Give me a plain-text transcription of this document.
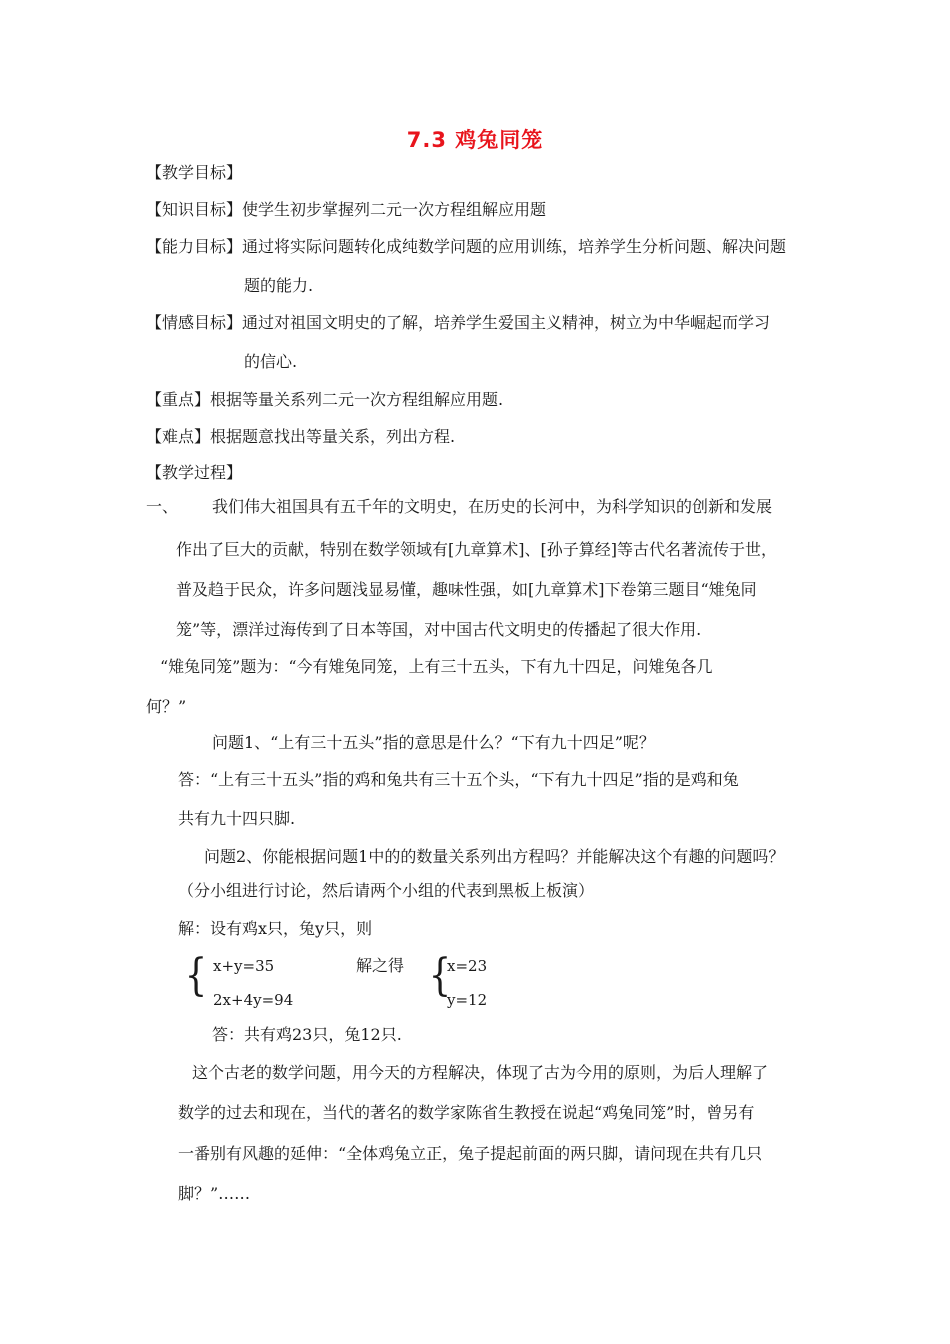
7.3 鸡兔同笼
【教学目标】
【知识目标】使学生初步掌握列二元一次方程组解应用题
【能力目标】通过将实际问题转化成纯数学问题的应用训练，培养学生分析问题、解决问题
题的能力.
【情感目标】通过对祖国文明史的了解，培养学生爱国主义精神，树立为中华崛起而学习
的信心.
【重点】根据等量关系列二元一次方程组解应用题.
【难点】根据题意找出等量关系，列出方程.
【教学过程】
一、 我们伟大祖国具有五千年的文明史，在历史的长河中，为科学知识的创新和发展
作出了巨大的贡献，特别在数学领域有[九章算术]、[孙子算经]等古代名著流传于世，
普及趋于民众，许多问题浅显易懂，趣味性强，如[九章算术]下卷第三题目“雉兔同
笼”等，漂洋过海传到了日本等国，对中国古代文明史的传播起了很大作用.
“雉兔同笼”题为：“今有雉兔同笼，上有三十五头，下有九十四足，问雉兔各几
何？”
问题1、“上有三十五头”指的意思是什么？“下有九十四足”呢？
答：“上有三十五头”指的鸡和兔共有三十五个头，“下有九十四足”指的是鸡和兔
共有九十四只脚.
问题2、你能根据问题1中的的数量关系列出方程吗？并能解决这个有趣的问题吗？
（分小组进行讨论，然后请两个小组的代表到黑板上板演）
解：设有鸡x只，兔y只，则
{ x+y=35
2x+4y=94
解之得 {
x=23
y=12
答：共有鸡23只，兔12只.
这个古老的数学问题，用今天的方程解决，体现了古为今用的原则，为后人理解了
数学的过去和现在，当代的著名的数学家陈省生教授在说起“鸡兔同笼”时，曾另有
一番别有风趣的延伸：“全体鸡兔立正，兔子提起前面的两只脚，请问现在共有几只
脚？”……
